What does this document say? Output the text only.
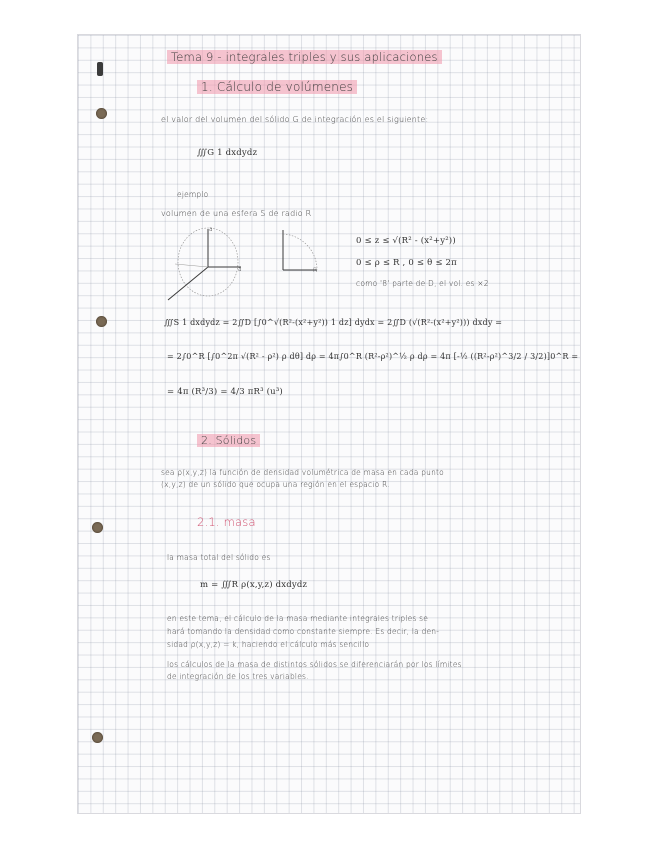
Tema 9 - integrales triples y sus aplicaciones
1. Cálculo de volúmenes
el valor del volumen del sólido G de integración es el siguiente:
∭G 1 dxdydz
ejemplo
volumen de una esfera S de radio R
a
a	R
0 ≤ z ≤ √(R² - (x²+y²))
0 ≤ ρ ≤ R , 0 ≤ θ ≤ 2π
como '8' parte de D, el vol. es ×2
∭S 1 dxdydz = 2∬D [∫0^√(R²-(x²+y²)) 1 dz] dydx = 2∬D (√(R²-(x²+y²))) dxdy =
= 2∫0^R [∫0^2π √(R² - ρ²) ρ dθ] dρ = 4π∫0^R (R²-ρ²)^½ ρ dρ = 4π [-½ ((R²-ρ²)^3/2 / 3/2)]0^R =
= 4π (R³/3) = 4/3 πR³ (u³)
2. Sólidos
sea ρ(x,y,z) la función de densidad volumétrica de masa en cada punto
(x,y,z) de un sólido que ocupa una región en el espacio R.
2.1. masa
la masa total del sólido es
m = ∭R ρ(x,y,z) dxdydz
en este tema, el cálculo de la masa mediante integrales triples se
hará tomando la densidad como constante siempre. Es decir, la den-
sidad ρ(x,y,z) = k, haciendo el cálculo más sencillo
los cálculos de la masa de distintos sólidos se diferenciarán por los límites
de integración de los tres variables.
